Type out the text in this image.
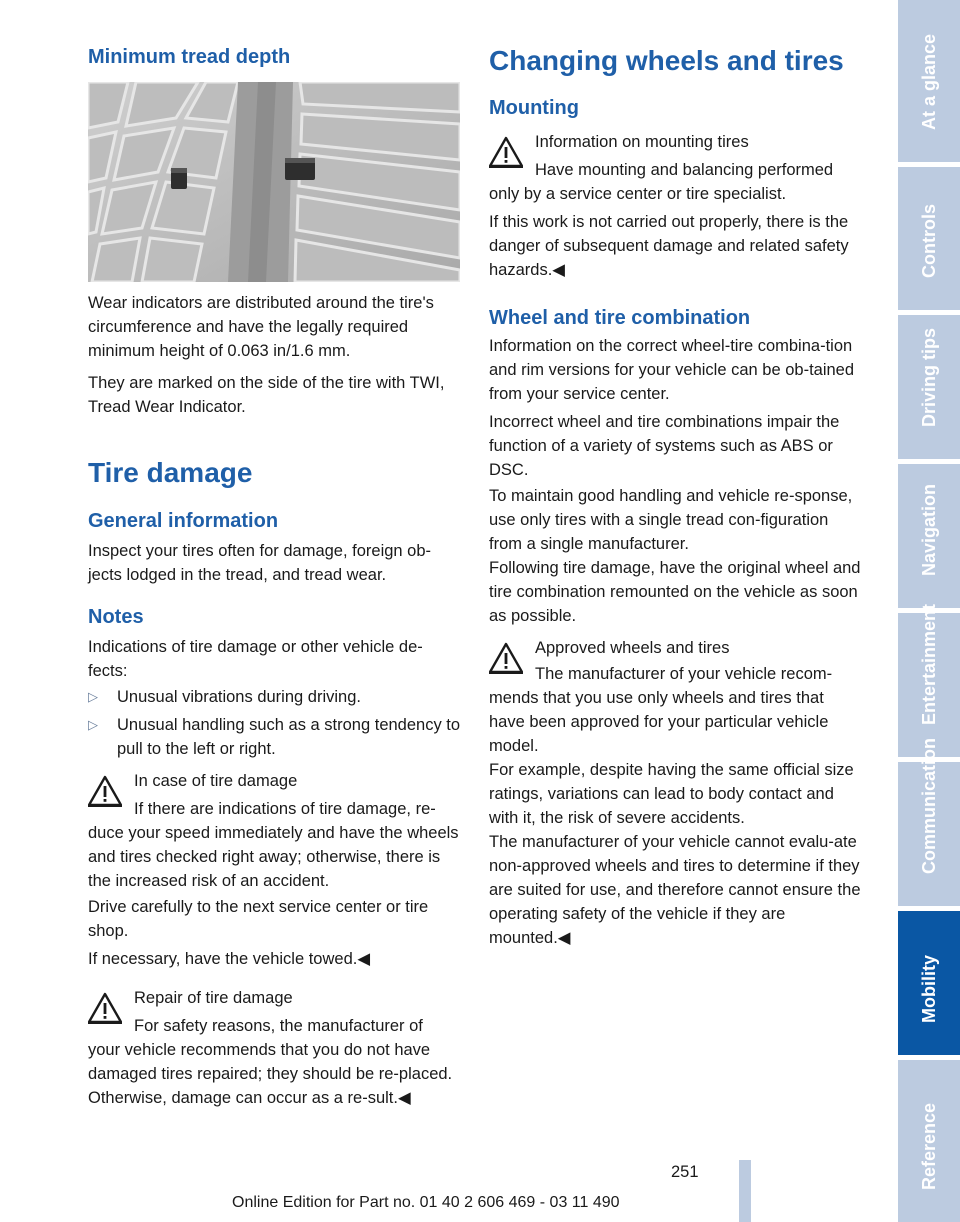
Minimum tread depth

Wear indicators are distributed around the tire's circumference and have the legally required minimum height of 0.063 in/1.6 mm.

They are marked on the side of the tire with TWI, Tread Wear Indicator.

Tire damage
General information

Inspect your tires often for damage, foreign ob‐jects lodged in the tread, and tread wear.

Notes

Indications of tire damage or other vehicle de‐fects:

▷ Unusual vibrations during driving.
▷ Unusual handling such as a strong tendency to pull to the left or right.
In case of tire damage
If there are indications of tire damage, re‐

duce your speed immediately and have the wheels and tires checked right away; otherwise, there is the increased risk of an accident.

Drive carefully to the next service center or tire shop.

If necessary, have the vehicle towed.◀

Repair of tire damage
For safety reasons, the manufacturer of

your vehicle recommends that you do not have damaged tires repaired; they should be re‐placed. Otherwise, damage can occur as a re‐sult.◀

Changing wheels and tires
Mounting
Information on mounting tires
Have mounting and balancing performed

only by a service center or tire specialist.

If this work is not carried out properly, there is the danger of subsequent damage and related safety hazards.◀

Wheel and tire combination

Information on the correct wheel-tire combina‐tion and rim versions for your vehicle can be ob‐tained from your service center.

Incorrect wheel and tire combinations impair the function of a variety of systems such as ABS or DSC.

To maintain good handling and vehicle re‐sponse, use only tires with a single tread con‐figuration from a single manufacturer.

Following tire damage, have the original wheel and tire combination remounted on the vehicle as soon as possible.

Approved wheels and tires
The manufacturer of your vehicle recom‐

mends that you use only wheels and tires that have been approved for your particular vehicle model.

For example, despite having the same official size ratings, variations can lead to body contact and with it, the risk of severe accidents.

The manufacturer of your vehicle cannot evalu‐ate non-approved wheels and tires to determine if they are suited for use, and therefore cannot ensure the operating safety of the vehicle if they are mounted.◀

At a glance
Controls
Driving tips
Navigation
Entertainment
Communication
Mobility
Reference
251
Online Edition for Part no. 01 40 2 606 469 - 03 11 490
